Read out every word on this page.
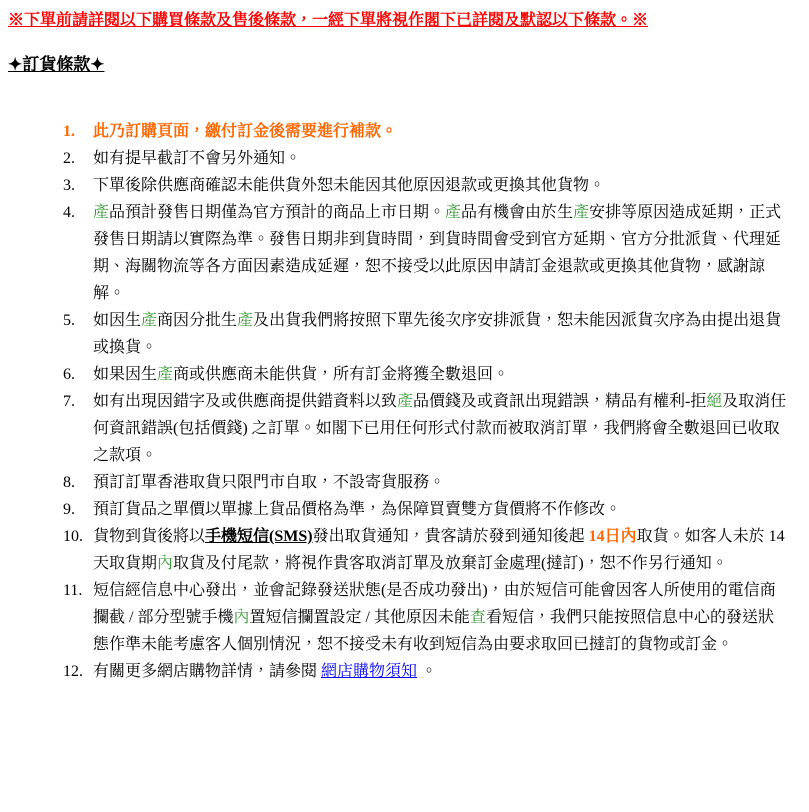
※下單前請詳閱以下購買條款及售後條款，一經下單將視作閣下已詳閱及默認以下條款。※
✦訂貨條款✦
1.	此乃訂購頁面，繳付訂金後需要進行補款。
2.	如有提早截訂不會另外通知。
3.	下單後除供應商確認未能供貨外恕未能因其他原因退款或更換其他貨物。
4.	產品預計發售日期僅為官方預計的商品上市日期。產品有機會由於生產安排等原因造成延期，正式發售日期請以實際為準。發售日期非到貨時間，到貨時間會受到官方延期、官方分批派貨、代理延期、海關物流等各方面因素造成延遲，恕不接受以此原因申請訂金退款或更換其他貨物，感謝諒解。
5.	如因生產商因分批生產及出貨我們將按照下單先後次序安排派貨，恕未能因派貨次序為由提出退貨或換貨。
6.	如果因生產商或供應商未能供貨，所有訂金將獲全數退回。
7.	如有出現因錯字及或供應商提供錯資料以致產品價錢及或資訊出現錯誤，精品有權利-拒絕及取消任何資訊錯誤(包括價錢) 之訂單。如閣下已用任何形式付款而被取消訂單，我們將會全數退回已收取之款項。
8.	預訂訂單香港取貨只限門市自取，不設寄貨服務。
9.	預訂貨品之單價以單據上貨品價格為準，為保障買賣雙方貨價將不作修改。
10. 貨物到貨後將以手機短信(SMS)發出取貨通知，貴客請於發到通知後起 14日內取貨。如客人未於 14 天取貨期內取貨及付尾款，將視作貴客取消訂單及放棄訂金處理(撻訂)，恕不作另行通知。
11. 短信經信息中心發出，並會記錄發送狀態(是否成功發出)，由於短信可能會因客人所使用的電信商攔截 / 部分型號手機內置短信攔置設定 / 其他原因未能查看短信，我們只能按照信息中心的發送狀態作準未能考慮客人個別情況，恕不接受未有收到短信為由要求取回已撻訂的貨物或訂金。
12. 有關更多網店購物詳情，請參閱 網店購物須知 。
